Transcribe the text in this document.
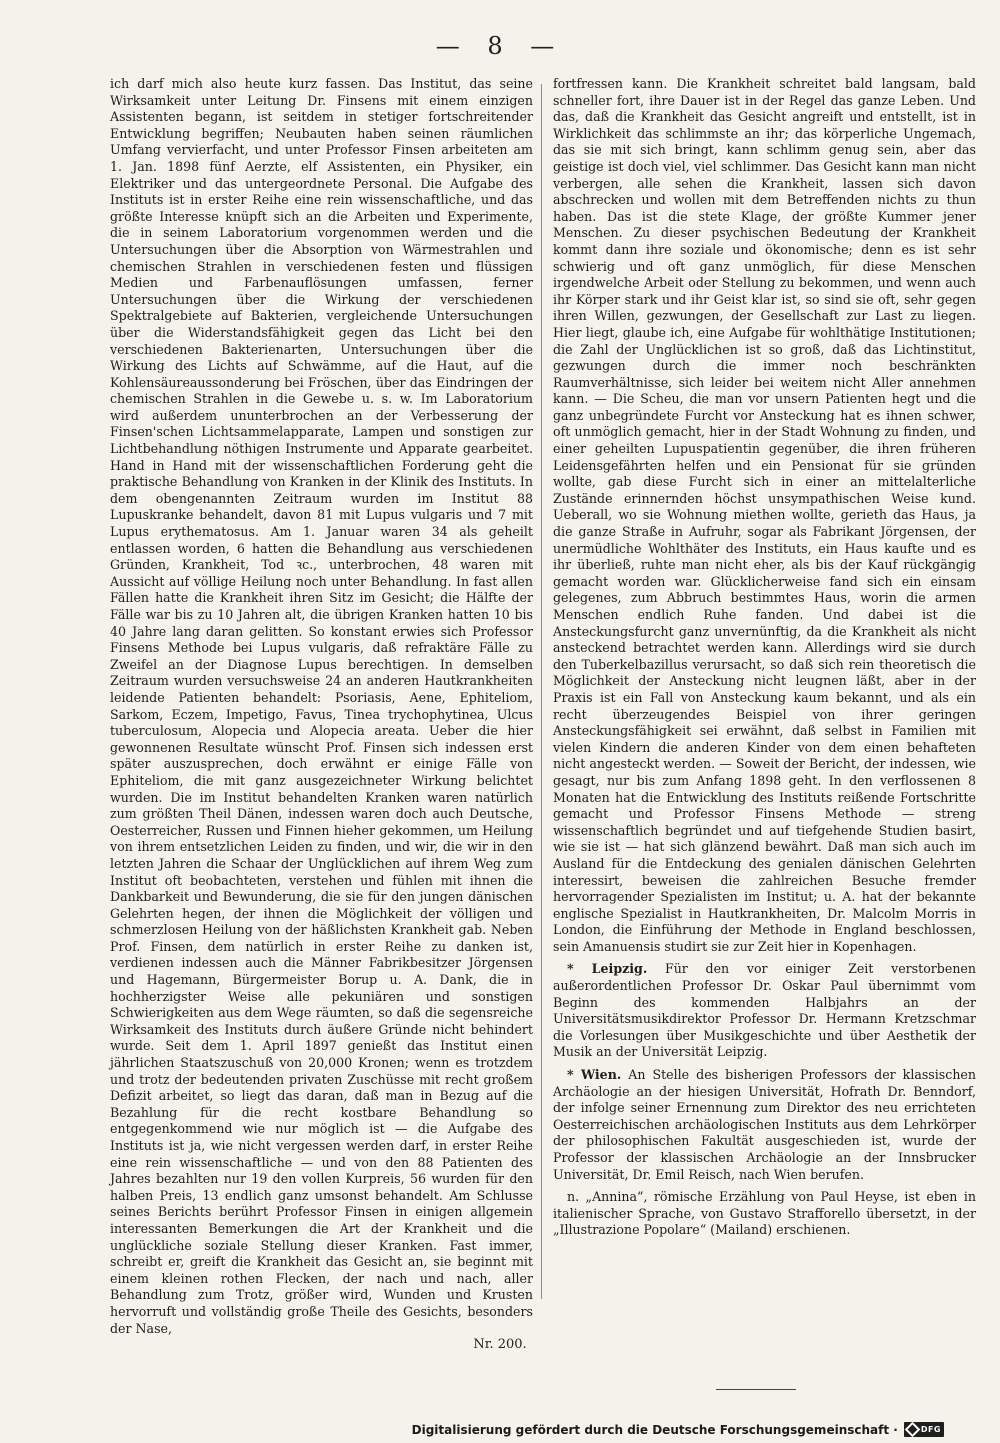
— 8 —

ich darf mich also heute kurz fassen. Das Institut, das seine Wirksamkeit unter Leitung Dr. Finsens mit einem einzigen Assistenten begann, ist seitdem in stetiger fortschreitender Entwicklung begriffen; Neubauten haben seinen räumlichen Umfang vervierfacht, und unter Professor Finsen arbeiteten am 1. Jan. 1898 fünf Aerzte, elf Assistenten, ein Physiker, ein Elektriker und das untergeordnete Personal. Die Aufgabe des Instituts ist in erster Reihe eine rein wissenschaftliche, und das größte Interesse knüpft sich an die Arbeiten und Experimente, die in seinem Laboratorium vorgenommen werden und die Untersuchungen über die Absorption von Wärmestrahlen und chemischen Strahlen in verschiedenen festen und flüssigen Medien und Farbenauflösungen umfassen, ferner Untersuchungen über die Wirkung der verschiedenen Spektralgebiete auf Bakterien, vergleichende Untersuchungen über die Widerstandsfähigkeit gegen das Licht bei den verschiedenen Bakterienarten, Untersuchungen über die Wirkung des Lichts auf Schwämme, auf die Haut, auf die Kohlensäureaussonderung bei Fröschen, über das Eindringen der chemischen Strahlen in die Gewebe u. s. w. Im Laboratorium wird außerdem ununterbrochen an der Verbesserung der Finsen'schen Lichtsammelapparate, Lampen und sonstigen zur Lichtbehandlung nöthigen Instrumente und Apparate gearbeitet. Hand in Hand mit der wissenschaftlichen Forderung geht die praktische Behandlung von Kranken in der Klinik des Instituts. In dem obengenannten Zeitraum wurden im Institut 88 Lupuskranke behandelt, davon 81 mit Lupus vulgaris und 7 mit Lupus erythematosus. Am 1. Januar waren 34 als geheilt entlassen worden, 6 hatten die Behandlung aus verschiedenen Gründen, Krankheit, Tod ꝛc., unterbrochen, 48 waren mit Aussicht auf völlige Heilung noch unter Behandlung. In fast allen Fällen hatte die Krankheit ihren Sitz im Gesicht; die Hälfte der Fälle war bis zu 10 Jahren alt, die übrigen Kranken hatten 10 bis 40 Jahre lang daran gelitten. So konstant erwies sich Professor Finsens Methode bei Lupus vulgaris, daß refraktäre Fälle zu Zweifel an der Diagnose Lupus berechtigen. In demselben Zeitraum wurden versuchsweise 24 an anderen Hautkrankheiten leidende Patienten behandelt: Psoriasis, Aene, Ephiteliom, Sarkom, Eczem, Impetigo, Favus, Tinea trychophytinea, Ulcus tuberculosum, Alopecia und Alopecia areata. Ueber die hier gewonnenen Resultate wünscht Prof. Finsen sich indessen erst später auszusprechen, doch erwähnt er einige Fälle von Ephiteliom, die mit ganz ausgezeichneter Wirkung belichtet wurden. Die im Institut behandelten Kranken waren natürlich zum größten Theil Dänen, indessen waren doch auch Deutsche, Oesterreicher, Russen und Finnen hieher gekommen, um Heilung von ihrem entsetzlichen Leiden zu finden, und wir, die wir in den letzten Jahren die Schaar der Unglücklichen auf ihrem Weg zum Institut oft beobachteten, verstehen und fühlen mit ihnen die Dankbarkeit und Bewunderung, die sie für den jungen dänischen Gelehrten hegen, der ihnen die Möglichkeit der völligen und schmerzlosen Heilung von der häßlichsten Krankheit gab. Neben Prof. Finsen, dem natürlich in erster Reihe zu danken ist, verdienen indessen auch die Männer Fabrikbesitzer Jörgensen und Hagemann, Bürgermeister Borup u. A. Dank, die in hochherzigster Weise alle pekuniären und sonstigen Schwierigkeiten aus dem Wege räumten, so daß die segensreiche Wirksamkeit des Instituts durch äußere Gründe nicht behindert wurde. Seit dem 1. April 1897 genießt das Institut einen jährlichen Staatszuschuß von 20,000 Kronen; wenn es trotzdem und trotz der bedeutenden privaten Zuschüsse mit recht großem Defizit arbeitet, so liegt das daran, daß man in Bezug auf die Bezahlung für die recht kostbare Behandlung so entgegenkommend wie nur möglich ist — die Aufgabe des Instituts ist ja, wie nicht vergessen werden darf, in erster Reihe eine rein wissenschaftliche — und von den 88 Patienten des Jahres bezahlten nur 19 den vollen Kurpreis, 56 wurden für den halben Preis, 13 endlich ganz umsonst behandelt. Am Schlusse seines Berichts berührt Professor Finsen in einigen allgemein interessanten Bemerkungen die Art der Krankheit und die unglückliche soziale Stellung dieser Kranken. Fast immer, schreibt er, greift die Krankheit das Gesicht an, sie beginnt mit einem kleinen rothen Flecken, der nach und nach, aller Behandlung zum Trotz, größer wird, Wunden und Krusten hervorruft und vollständig große Theile des Gesichts, besonders der Nase,

fortfressen kann. Die Krankheit schreitet bald langsam, bald schneller fort, ihre Dauer ist in der Regel das ganze Leben. Und das, daß die Krankheit das Gesicht angreift und entstellt, ist in Wirklichkeit das schlimmste an ihr; das körperliche Ungemach, das sie mit sich bringt, kann schlimm genug sein, aber das geistige ist doch viel, viel schlimmer. Das Gesicht kann man nicht verbergen, alle sehen die Krankheit, lassen sich davon abschrecken und wollen mit dem Betreffenden nichts zu thun haben. Das ist die stete Klage, der größte Kummer jener Menschen. Zu dieser psychischen Bedeutung der Krankheit kommt dann ihre soziale und ökonomische; denn es ist sehr schwierig und oft ganz unmöglich, für diese Menschen irgendwelche Arbeit oder Stellung zu bekommen, und wenn auch ihr Körper stark und ihr Geist klar ist, so sind sie oft, sehr gegen ihren Willen, gezwungen, der Gesellschaft zur Last zu liegen. Hier liegt, glaube ich, eine Aufgabe für wohlthätige Institutionen; die Zahl der Unglücklichen ist so groß, daß das Lichtinstitut, gezwungen durch die immer noch beschränkten Raumverhältnisse, sich leider bei weitem nicht Aller annehmen kann. — Die Scheu, die man vor unsern Patienten hegt und die ganz unbegründete Furcht vor Ansteckung hat es ihnen schwer, oft unmöglich gemacht, hier in der Stadt Wohnung zu finden, und einer geheilten Lupuspatientin gegenüber, die ihren früheren Leidensgefährten helfen und ein Pensionat für sie gründen wollte, gab diese Furcht sich in einer an mittelalterliche Zustände erinnernden höchst unsympathischen Weise kund. Ueberall, wo sie Wohnung miethen wollte, gerieth das Haus, ja die ganze Straße in Aufruhr, sogar als Fabrikant Jörgensen, der unermüdliche Wohlthäter des Instituts, ein Haus kaufte und es ihr überließ, ruhte man nicht eher, als bis der Kauf rückgängig gemacht worden war. Glücklicherweise fand sich ein einsam gelegenes, zum Abbruch bestimmtes Haus, worin die armen Menschen endlich Ruhe fanden. Und dabei ist die Ansteckungsfurcht ganz unvernünftig, da die Krankheit als nicht ansteckend betrachtet werden kann. Allerdings wird sie durch den Tuberkelbazillus verursacht, so daß sich rein theoretisch die Möglichkeit der Ansteckung nicht leugnen läßt, aber in der Praxis ist ein Fall von Ansteckung kaum bekannt, und als ein recht überzeugendes Beispiel von ihrer geringen Ansteckungsfähigkeit sei erwähnt, daß selbst in Familien mit vielen Kindern die anderen Kinder von dem einen behafteten nicht angesteckt werden. — Soweit der Bericht, der indessen, wie gesagt, nur bis zum Anfang 1898 geht. In den verflossenen 8 Monaten hat die Entwicklung des Instituts reißende Fortschritte gemacht und Professor Finsens Methode — streng wissenschaftlich begründet und auf tiefgehende Studien basirt, wie sie ist — hat sich glänzend bewährt. Daß man sich auch im Ausland für die Entdeckung des genialen dänischen Gelehrten interessirt, beweisen die zahlreichen Besuche fremder hervorragender Spezialisten im Institut; u. A. hat der bekannte englische Spezialist in Hautkrankheiten, Dr. Malcolm Morris in London, die Einführung der Methode in England beschlossen, sein Amanuensis studirt sie zur Zeit hier in Kopenhagen.

* Leipzig. Für den vor einiger Zeit verstorbenen außerordentlichen Professor Dr. Oskar Paul übernimmt vom Beginn des kommenden Halbjahrs an der Universitätsmusikdirektor Professor Dr. Hermann Kretzschmar die Vorlesungen über Musikgeschichte und über Aesthetik der Musik an der Universität Leipzig.

* Wien. An Stelle des bisherigen Professors der klassischen Archäologie an der hiesigen Universität, Hofrath Dr. Benndorf, der infolge seiner Ernennung zum Direktor des neu errichteten Oesterreichischen archäologischen Instituts aus dem Lehrkörper der philosophischen Fakultät ausgeschieden ist, wurde der Professor der klassischen Archäologie an der Innsbrucker Universität, Dr. Emil Reisch, nach Wien berufen.

n. „Annina“, römische Erzählung von Paul Heyse, ist eben in italienischer Sprache, von Gustavo Strafforello übersetzt, in der „Illustrazione Popolare“ (Mailand) erschienen.

Nr. 200.
Digitalisierung gefördert durch die Deutsche Forschungsgemeinschaft ·	DFG
